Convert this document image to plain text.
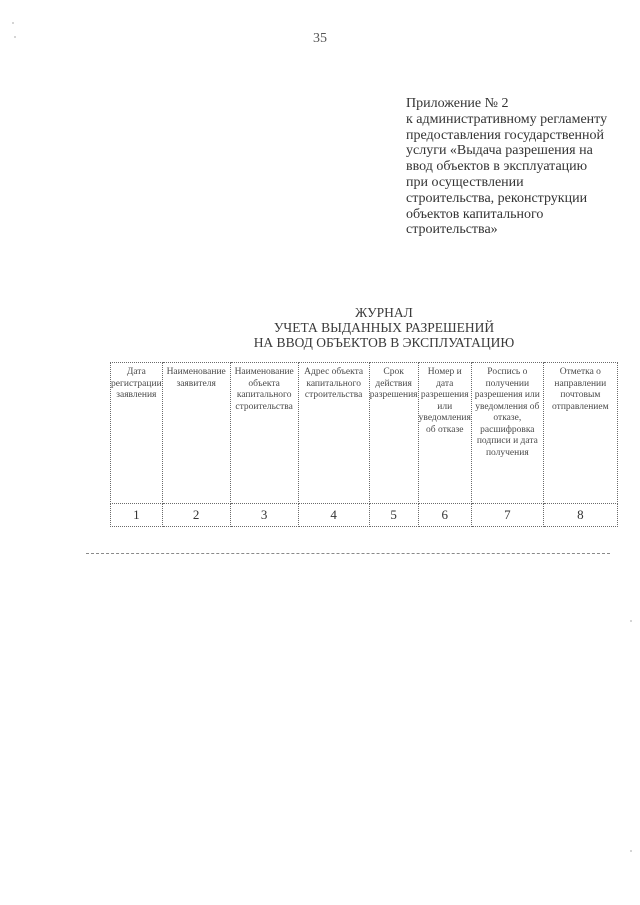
35
Приложение № 2
к административному регламенту
предоставления государственной
услуги «Выдача разрешения на
ввод объектов в эксплуатацию
при осуществлении
строительства, реконструкции
объектов капитального
строительства»
ЖУРНАЛ
УЧЕТА ВЫДАННЫХ РАЗРЕШЕНИЙ
НА ВВОД ОБЪЕКТОВ В ЭКСПЛУАТАЦИЮ
Дата регистрации заявления	Наименование заявителя	Наименование объекта капитального строительства	Адрес объекта капитального строительства	Срок действия разрешения	Номер и дата разрешения или уведомления об отказе	Роспись о получении разрешения или уведомления об отказе, расшифровка подписи и дата получения	Отметка о направлении почтовым отправлением
1	2	3	4	5	6	7	8
